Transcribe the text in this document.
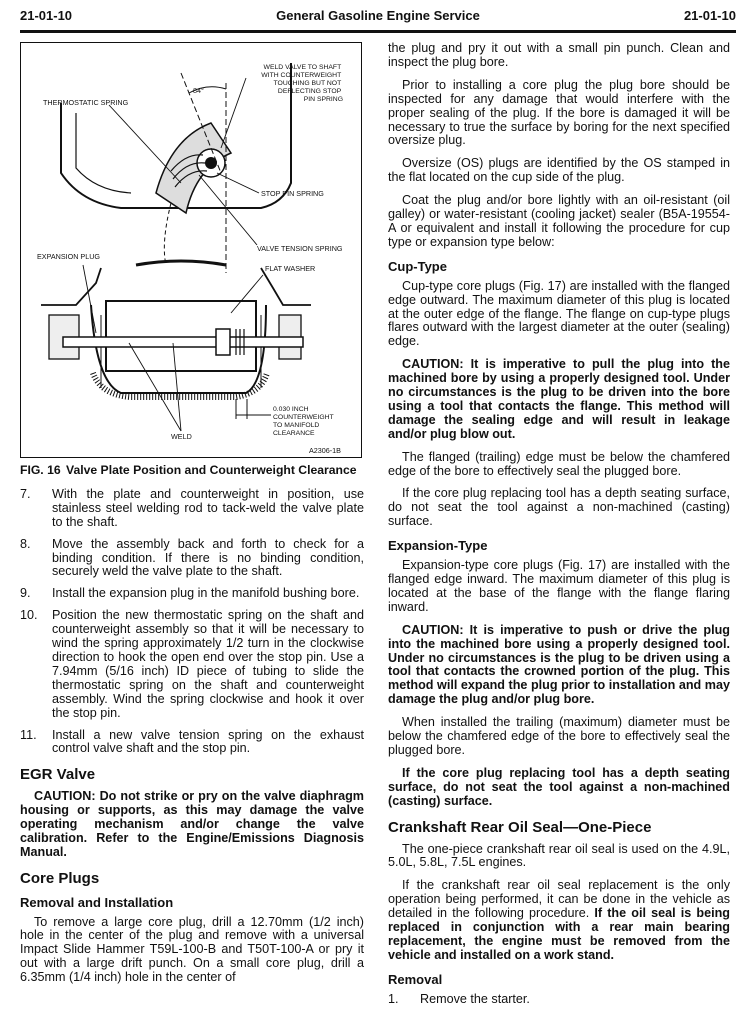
21-01-10	General Gasoline Engine Service	21-01-10
WELD VALVE TO SHAFT WITH COUNTERWEIGHT TOUCHING BUT NOT DEFLECTING STOP PIN SPRING
84°
THERMOSTATIC SPRING
STOP PIN SPRING
VALVE TENSION SPRING
EXPANSION PLUG
FLAT WASHER
0.030 INCH COUNTERWEIGHT TO MANIFOLD CLEARANCE
WELD
A2306-1B
FIG. 16 Valve Plate Position and Counterweight Clearance
7.	With the plate and counterweight in position, use stainless steel welding rod to tack-weld the valve plate to the shaft.
8.	Move the assembly back and forth to check for a binding condition. If there is no binding condition, securely weld the valve plate to the shaft.
9.	Install the expansion plug in the manifold bushing bore.
10.	Position the new thermostatic spring on the shaft and counterweight assembly so that it will be necessary to wind the spring approximately 1/2 turn in the clockwise direction to hook the open end over the stop pin. Use a 7.94mm (5/16 inch) ID piece of tubing to slide the thermostatic spring on the shaft and counterweight assembly. Wind the spring clockwise and hook it over the stop pin.
11.	Install a new valve tension spring on the exhaust control valve shaft and the stop pin.
EGR Valve

CAUTION: Do not strike or pry on the valve diaphragm housing or supports, as this may damage the valve operating mechanism and/or change the valve calibration. Refer to the Engine/Emissions Diagnosis Manual.

Core Plugs
Removal and Installation

To remove a large core plug, drill a 12.70mm (1/2 inch) hole in the center of the plug and remove with a universal Impact Slide Hammer T59L-100-B and T50T-100-A or pry it out with a large drift punch. On a small core plug, drill a 6.35mm (1/4 inch) hole in the center of

the plug and pry it out with a small pin punch. Clean and inspect the plug bore.

Prior to installing a core plug the plug bore should be inspected for any damage that would interfere with the proper sealing of the plug. If the bore is damaged it will be necessary to true the surface by boring for the next specified oversize plug.

Oversize (OS) plugs are identified by the OS stamped in the flat located on the cup side of the plug.

Coat the plug and/or bore lightly with an oil-resistant (oil galley) or water-resistant (cooling jacket) sealer (B5A-19554-A or equivalent and install it following the procedure for cup type or expansion type below:

Cup-Type

Cup-type core plugs (Fig. 17) are installed with the flanged edge outward. The maximum diameter of this plug is located at the outer edge of the flange. The flange on cup-type plugs flares outward with the largest diameter at the outer (sealing) edge.

CAUTION: It is imperative to pull the plug into the machined bore by using a properly designed tool. Under no circumstances is the plug to be driven into the bore using a tool that contacts the flange. This method will damage the sealing edge and will result in leakage and/or plug blow out.

The flanged (trailing) edge must be below the chamfered edge of the bore to effectively seal the plugged bore.

If the core plug replacing tool has a depth seating surface, do not seat the tool against a non-machined (casting) surface.

Expansion-Type

Expansion-type core plugs (Fig. 17) are installed with the flanged edge inward. The maximum diameter of this plug is located at the base of the flange with the flange flaring inward.

CAUTION: It is imperative to push or drive the plug into the machined bore using a properly designed tool. Under no circumstances is the plug to be driven using a tool that contacts the crowned portion of the plug. This method will expand the plug prior to installation and may damage the plug and/or plug bore.

When installed the trailing (maximum) diameter must be below the chamfered edge of the bore to effectively seal the plugged bore.

If the core plug replacing tool has a depth seating surface, do not seat the tool against a non-machined (casting) surface.

Crankshaft Rear Oil Seal—One-Piece

The one-piece crankshaft rear oil seal is used on the 4.9L, 5.0L, 5.8L, 7.5L engines.

If the crankshaft rear oil seal replacement is the only operation being performed, it can be done in the vehicle as detailed in the following procedure. If the oil seal is being replaced in conjunction with a rear main bearing replacement, the engine must be removed from the vehicle and installed on a work stand.

Removal
1.	Remove the starter.
